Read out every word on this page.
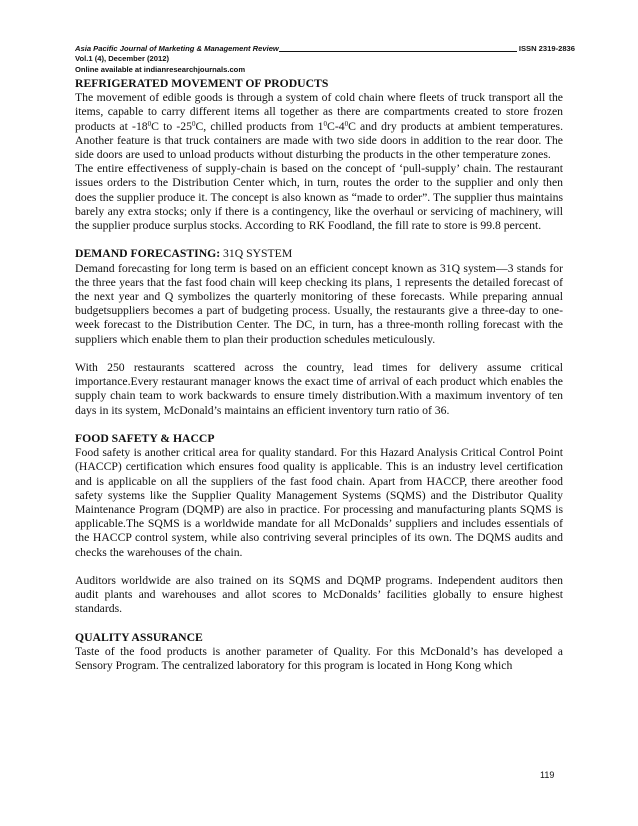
Asia Pacific Journal of Marketing & Management Review	ISSN 2319-2836
Vol.1 (4), December (2012)
Online available at indianresearchjournals.com

REFRIGERATED MOVEMENT OF PRODUCTS

The movement of edible goods is through a system of cold chain where fleets of truck transport all the items, capable to carry different items all together as there are compartments created to store frozen products at $-18^0C$ to $-25^0C$, chilled products from $1^0C-4^0C$ and dry products at ambient temperatures. Another feature is that truck containers are made with two side doors in addition to the rear door. The side doors are used to unload products without disturbing the products in the other temperature zones.

The entire effectiveness of supply-chain is based on the concept of ‘pull-supply’ chain. The restaurant issues orders to the Distribution Center which, in turn, routes the order to the supplier and only then does the supplier produce it. The concept is also known as “made to order”. The supplier thus maintains barely any extra stocks; only if there is a contingency, like the overhaul or servicing of machinery, will the supplier produce surplus stocks. According to RK Foodland, the fill rate to store is 99.8 percent.

DEMAND FORECASTING: 31Q SYSTEM

Demand forecasting for long term is based on an efficient concept known as 31Q system—3 stands for the three years that the fast food chain will keep checking its plans, 1 represents the detailed forecast of the next year and Q symbolizes the quarterly monitoring of these forecasts. While preparing annual budgetsuppliers becomes a part of budgeting process. Usually, the restaurants give a three-day to one-week forecast to the Distribution Center. The DC, in turn, has a three-month rolling forecast with the suppliers which enable them to plan their production schedules meticulously.

With 250 restaurants scattered across the country, lead times for delivery assume critical importance.Every restaurant manager knows the exact time of arrival of each product which enables the supply chain team to work backwards to ensure timely distribution.With a maximum inventory of ten days in its system, McDonald’s maintains an efficient inventory turn ratio of 36.

FOOD SAFETY & HACCP

Food safety is another critical area for quality standard. For this Hazard Analysis Critical Control Point (HACCP) certification which ensures food quality is applicable. This is an industry level certification and is applicable on all the suppliers of the fast food chain. Apart from HACCP, there areother food safety systems like the Supplier Quality Management Systems (SQMS) and the Distributor Quality Maintenance Program (DQMP) are also in practice. For processing and manufacturing plants SQMS is applicable.The SQMS is a worldwide mandate for all McDonalds’ suppliers and includes essentials of the HACCP control system, while also contriving several principles of its own. The DQMS audits and checks the warehouses of the chain.

Auditors worldwide are also trained on its SQMS and DQMP programs. Independent auditors then audit plants and warehouses and allot scores to McDonalds’ facilities globally to ensure highest standards.

QUALITY ASSURANCE

Taste of the food products is another parameter of Quality. For this McDonald’s has developed a Sensory Program. The centralized laboratory for this program is located in Hong Kong which

119
